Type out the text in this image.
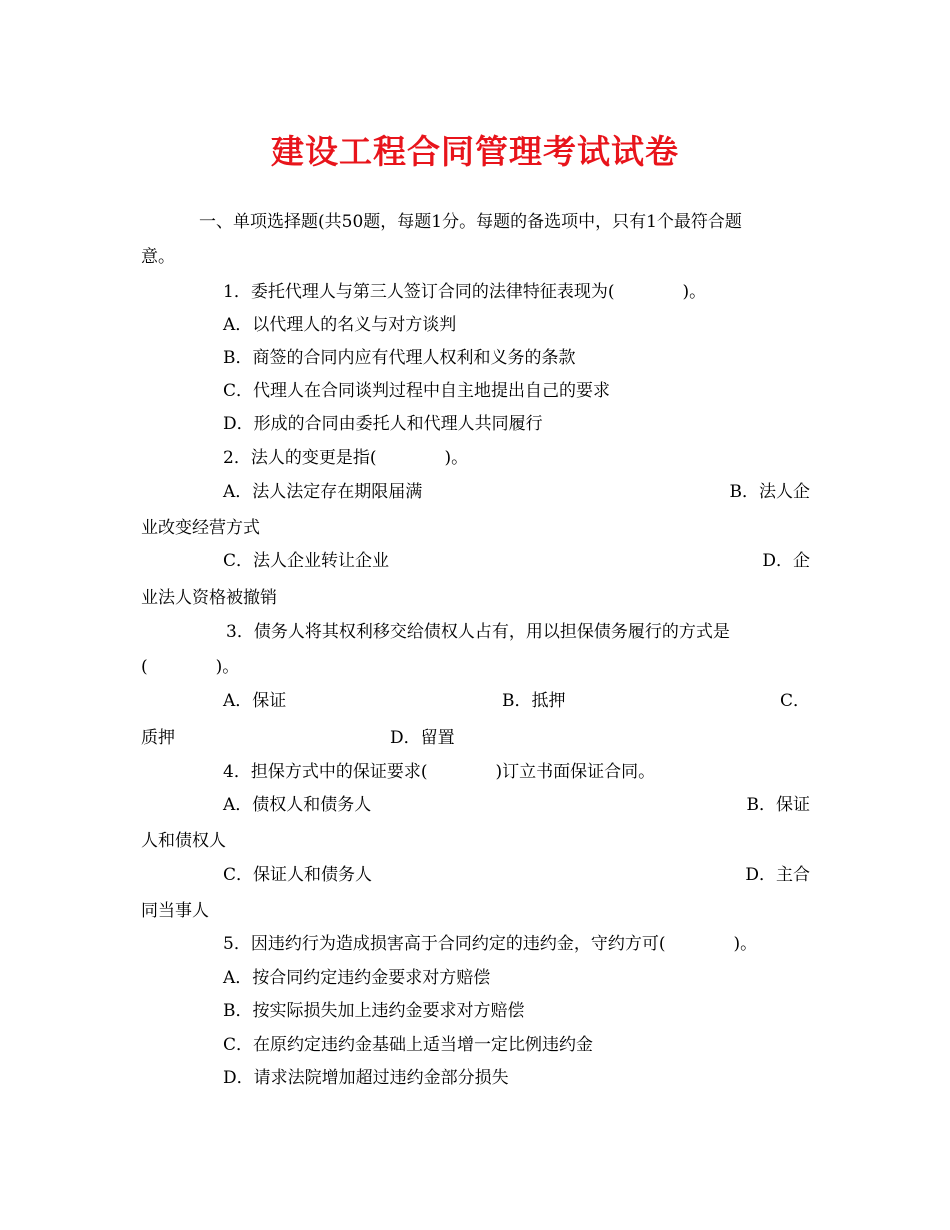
建设工程合同管理考试试卷
一、单项选择题(共50题，每题1分。每题的备选项中，只有1个最符合题
意。
1．委托代理人与第三人签订合同的法律特征表现为(　　　　)。
A．以代理人的名义与对方谈判
B．商签的合同内应有代理人权利和义务的条款
C．代理人在合同谈判过程中自主地提出自己的要求
D．形成的合同由委托人和代理人共同履行
2．法人的变更是指(　　　　)。
A．法人法定存在期限届满	B．法人企
业改变经营方式
C．法人企业转让企业	D．企
业法人资格被撤销
3．债务人将其权利移交给债权人占有，用以担保债务履行的方式是
(　　　　)。
A．保证	B．抵押	C．
质押	D．留置
4．担保方式中的保证要求(　　　　)订立书面保证合同。
A．债权人和债务人	B．保证
人和债权人
C．保证人和债务人	D．主合
同当事人
5．因违约行为造成损害高于合同约定的违约金，守约方可(　　　　)。
A．按合同约定违约金要求对方赔偿
B．按实际损失加上违约金要求对方赔偿
C．在原约定违约金基础上适当增一定比例违约金
D．请求法院增加超过违约金部分损失
